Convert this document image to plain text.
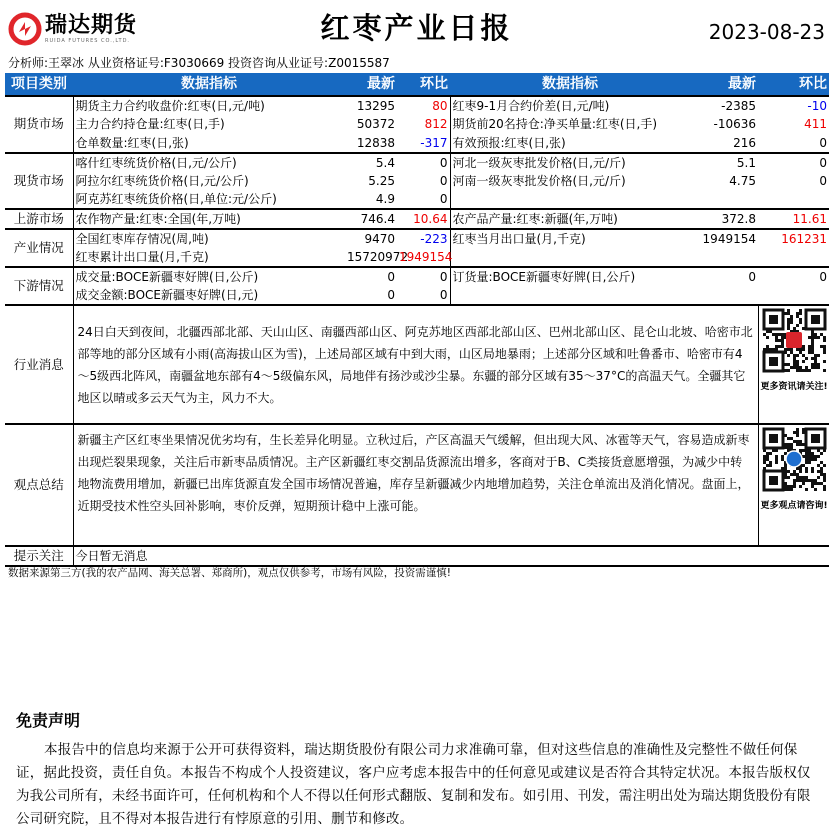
瑞达期货
RUIDA FUTURES CO.,LTD.	红枣产业日报	2023-08-23
分析师:王翠冰 从业资格证号:F3030669 投资咨询从业证号:Z0015587
项目类别	数据指标	最新	环比	数据指标	最新	环比
期货市场	期货主力合约收盘价:红枣(日,元/吨)	13295	80	红枣9-1月合约价差(日,元/吨)	-2385	-10
	主力合约持仓量:红枣(日,手)	50372	812	期货前20名持仓:净买单量:红枣(日,手)	-10636	411
	仓单数量:红枣(日,张)	12838	-317	有效预报:红枣(日,张)	216	0
现货市场	喀什红枣统货价格(日,元/公斤)	5.4	0	河北一级灰枣批发价格(日,元/斤)	5.1	0
	阿拉尔红枣统货价格(日,元/公斤)	5.25	0	河南一级灰枣批发价格(日,元/斤)	4.75	0
	阿克苏红枣统货价格(日,单位:元/公斤)	4.9	0			
上游市场	农作物产量:红枣:全国(年,万吨)	746.4	10.64	农产品产量:红枣:新疆(年,万吨)	372.8	11.61
产业情况	全国红枣库存情况(周,吨)	9470	-223	红枣当月出口量(月,千克)	1949154	161231
	红枣累计出口量(月,千克)	15720972	1949154			
下游情况	成交量:BOCE新疆枣好牌(日,公斤)	0	0	订货量:BOCE新疆枣好牌(日,公斤)	0	0
	成交金额:BOCE新疆枣好牌(日,元)	0	0			
行业消息	24日白天到夜间，北疆西部北部、天山山区、南疆西部山区、阿克苏地区西部北部山区、巴州北部山区、昆仑山北坡、哈密市北部等地的部分区域有小雨(高海拔山区为雪)，上述局部区域有中到大雨，山区局地暴雨；上述部分区域和吐鲁番市、哈密市有4～5级西北阵风，南疆盆地东部有4～5级偏东风，局地伴有扬沙或沙尘暴。东疆的部分区域有35～37°C的高温天气。全疆其它地区以晴或多云天气为主，风力不大。					更多资讯请关注!

观点总结	新疆主产区红枣坐果情况优劣均有，生长差异化明显。立秋过后，产区高温天气缓解，但出现大风、冰雹等天气，容易造成新枣出现烂裂果现象，关注后市新枣品质情况。主产区新疆红枣交割品货源流出增多，客商对于B、C类接货意愿增强，为减少中转地物流费用增加，新疆已出库货源直发全国市场情况普遍，库存呈新疆减少内地增加趋势，关注仓单流出及消化情况。盘面上，近期受技术性空头回补影响，枣价反弹，短期预计稳中上涨可能。					更多观点请咨询!

提示关注	今日暂无消息					
数据来源第三方(我的农产品网、海关总署、郑商所)，观点仅供参考，市场有风险，投资需谨慎!
免责声明
本报告中的信息均来源于公开可获得资料，瑞达期货股份有限公司力求准确可靠，但对这些信息的准确性及完整性不做任何保证，据此投资，责任自负。本报告不构成个人投资建议，客户应考虑本报告中的任何意见或建议是否符合其特定状况。本报告版权仅为我公司所有，未经书面许可，任何机构和个人不得以任何形式翻版、复制和发布。如引用、刊发，需注明出处为瑞达期货股份有限公司研究院，且不得对本报告进行有悖原意的引用、删节和修改。
